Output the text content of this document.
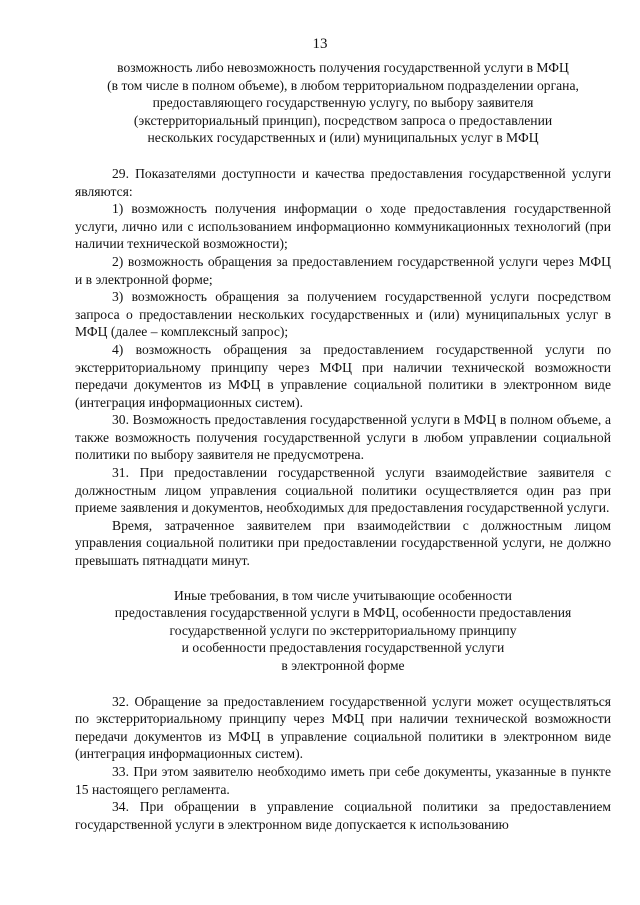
13
возможность либо невозможность получения государственной услуги в МФЦ
(в том числе в полном объеме), в любом территориальном подразделении органа,
предоставляющего государственную услугу, по выбору заявителя
(экстерриториальный принцип), посредством запроса о предоставлении
нескольких государственных и (или) муниципальных услуг в МФЦ
29. Показателями доступности и качества предоставления государственной услуги являются:
1) возможность получения информации о ходе предоставления государственной услуги, лично или с использованием информационно коммуникационных технологий (при наличии технической возможности);
2) возможность обращения за предоставлением государственной услуги через МФЦ и в электронной форме;
3) возможность обращения за получением государственной услуги посредством запроса о предоставлении нескольких государственных и (или) муниципальных услуг в МФЦ (далее – комплексный запрос);
4) возможность обращения за предоставлением государственной услуги по экстерриториальному принципу через МФЦ при наличии технической возможности передачи документов из МФЦ в управление социальной политики в электронном виде (интеграция информационных систем).
30. Возможность предоставления государственной услуги в МФЦ в полном объеме, а также возможность получения государственной услуги в любом управлении социальной политики по выбору заявителя не предусмотрена.
31. При предоставлении государственной услуги взаимодействие заявителя с должностным лицом управления социальной политики осуществляется один раз при приеме заявления и документов, необходимых для предоставления государственной услуги.
Время, затраченное заявителем при взаимодействии с должностным лицом управления социальной политики при предоставлении государственной услуги, не должно превышать пятнадцати минут.
Иные требования, в том числе учитывающие особенности
предоставления государственной услуги в МФЦ, особенности предоставления
государственной услуги по экстерриториальному принципу
и особенности предоставления государственной услуги
в электронной форме
32. Обращение за предоставлением государственной услуги может осуществляться по экстерриториальному принципу через МФЦ при наличии технической возможности передачи документов из МФЦ в управление социальной политики в электронном виде (интеграция информационных систем).
33. При этом заявителю необходимо иметь при себе документы, указанные в пункте 15 настоящего регламента.
34. При обращении в управление социальной политики за предоставлением государственной услуги в электронном виде допускается к использованию
